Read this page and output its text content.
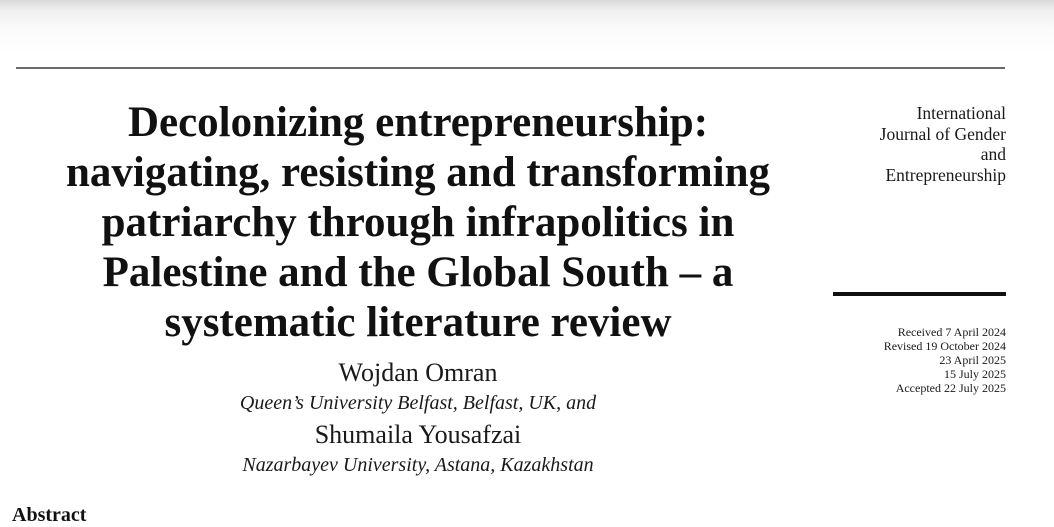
Decolonizing entrepreneurship:
navigating, resisting and transforming
patriarchy through infrapolitics in
Palestine and the Global South – a
systematic literature review
Wojdan Omran
Queen’s University Belfast, Belfast, UK, and
Shumaila Yousafzai
Nazarbayev University, Astana, Kazakhstan
International
Journal of Gender
and
Entrepreneurship
Received 7 April 2024
Revised 19 October 2024
23 April 2025
15 July 2025
Accepted 22 July 2025
Abstract
